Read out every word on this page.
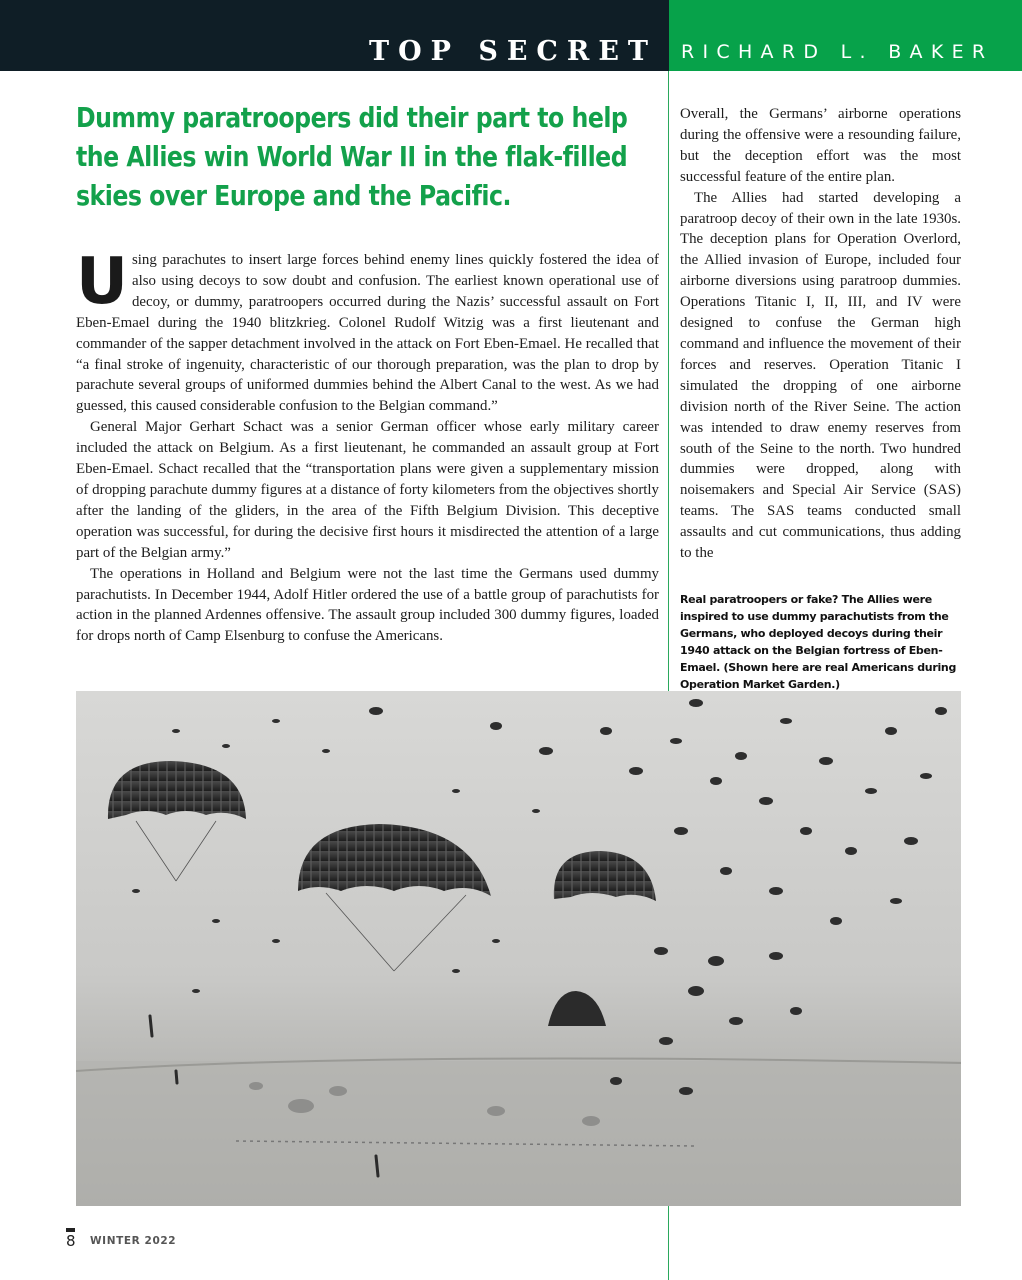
TOP SECRET RICHARD L. BAKER
Dummy paratroopers did their part to help the Allies win World War II in the flak-filled skies over Europe and the Pacific.

Using parachutes to insert large forces behind enemy lines quickly fostered the idea of also using decoys to sow doubt and confusion. The earliest known operational use of decoy, or dummy, paratroopers occurred during the Nazis’ successful assault on Fort Eben-Emael during the 1940 blitzkrieg. Colonel Rudolf Witzig was a first lieutenant and commander of the sapper detachment involved in the attack on Fort Eben-Emael. He recalled that “a final stroke of ingenuity, characteristic of our thorough preparation, was the plan to drop by parachute several groups of uniformed dummies behind the Albert Canal to the west. As we had guessed, this caused considerable confusion to the Belgian command.”

General Major Gerhart Schact was a senior German officer whose early military career included the attack on Belgium. As a first lieutenant, he commanded an assault group at Fort Eben-Emael. Schact recalled that the “transportation plans were given a supplementary mission of dropping parachute dummy figures at a distance of forty kilometers from the objectives shortly after the landing of the gliders, in the area of the Fifth Belgium Division. This deceptive operation was successful, for during the decisive first hours it misdirected the attention of a large part of the Belgian army.”

The operations in Holland and Belgium were not the last time the Germans used dummy parachutists. In December 1944, Adolf Hitler ordered the use of a battle group of parachutists for action in the planned Ardennes offensive. The assault group included 300 dummy figures, loaded for drops north of Camp Elsenburg to confuse the Americans.

Overall, the Germans’ airborne operations during the offensive were a resounding failure, but the deception effort was the most successful feature of the entire plan.

The Allies had started developing a paratroop decoy of their own in the late 1930s. The deception plans for Operation Overlord, the Allied invasion of Europe, included four airborne diversions using paratroop dummies. Operations Titanic I, II, III, and IV were designed to confuse the German high command and influence the movement of their forces and reserves. Operation Titanic I simulated the dropping of one airborne division north of the River Seine. The action was intended to draw enemy reserves from south of the Seine to the north. Two hundred dummies were dropped, along with noisemakers and Special Air Service (SAS) teams. The SAS teams conducted small assaults and cut communications, thus adding to the

Real paratroopers or fake? The Allies were inspired to use dummy parachutists from the Germans, who deployed decoys during their 1940 attack on the Belgian fortress of Eben-Emael. (Shown here are real Americans during Operation Market Garden.)

8 WINTER 2022
